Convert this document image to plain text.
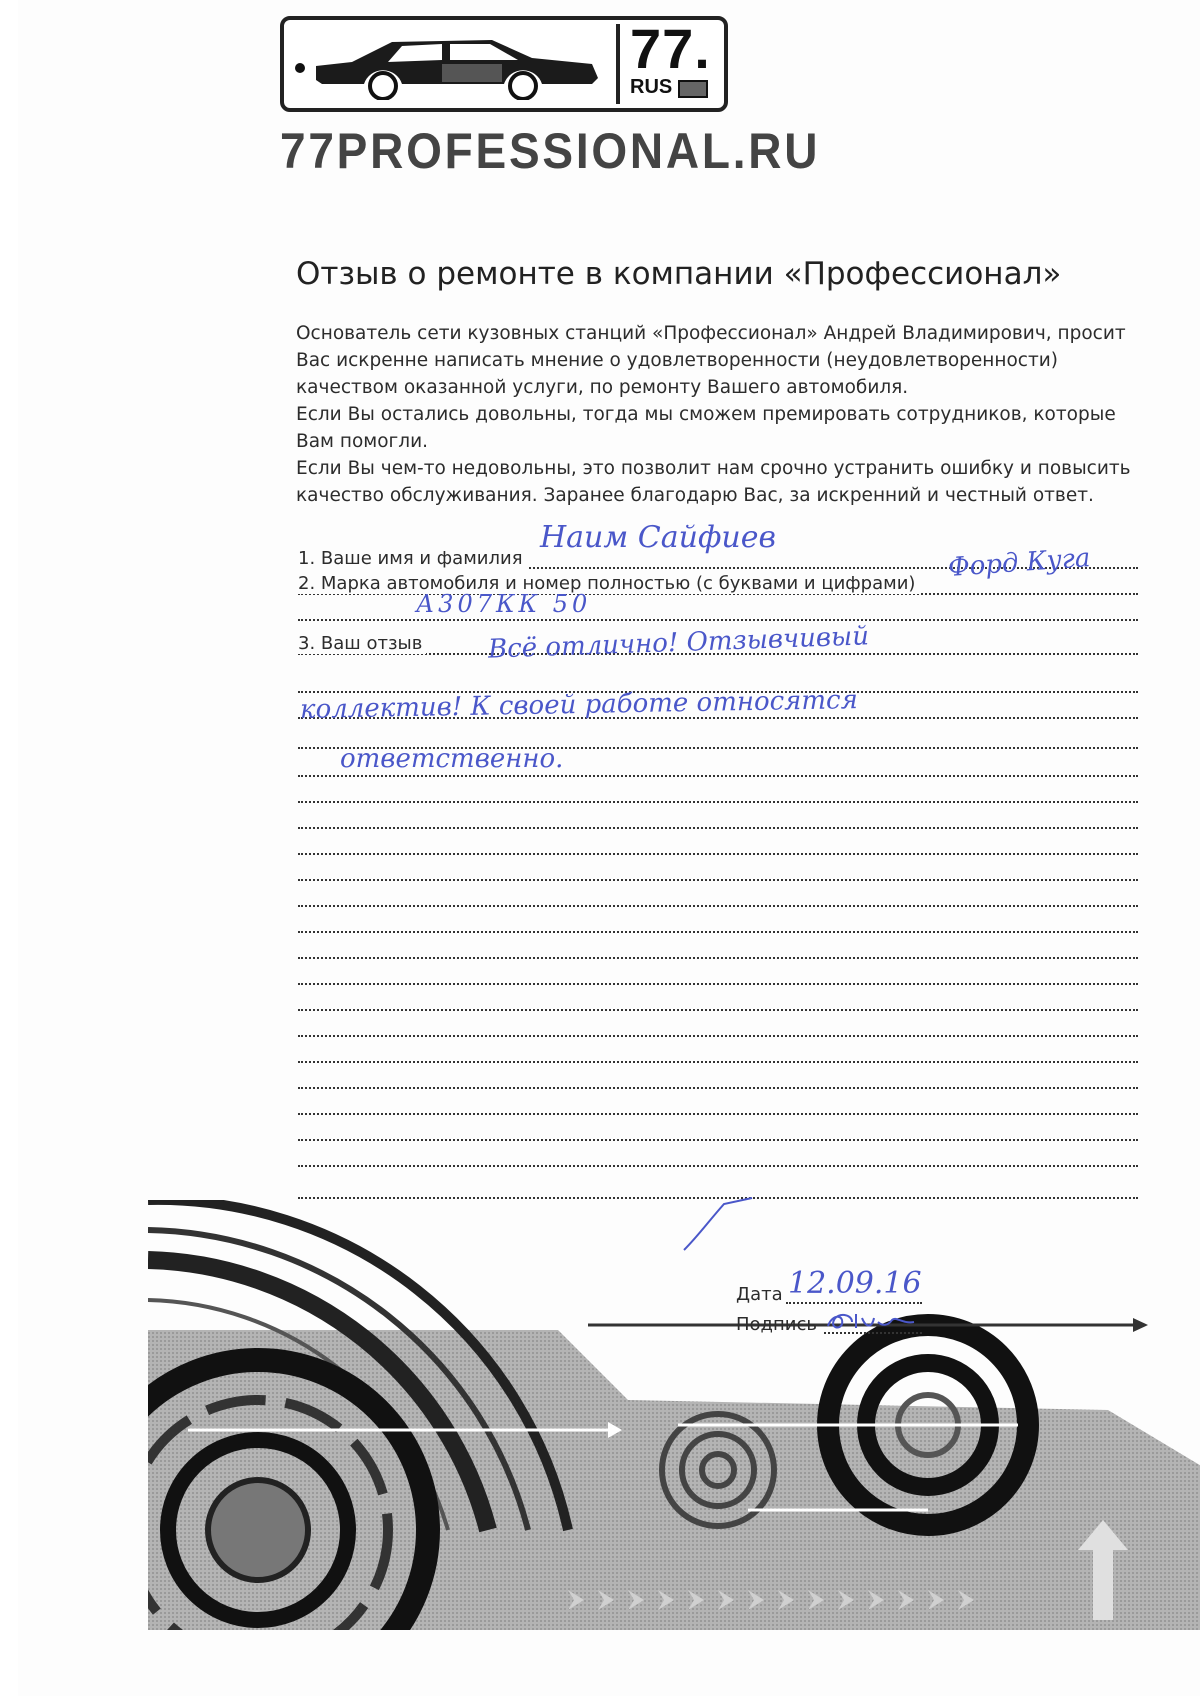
77.
RUS
77PROFESSIONAL.RU
Отзыв о ремонте в компании «Профессионал»

Основатель сети кузовных станций «Профессионал» Андрей Владимирович, просит

Вас искренне написать мнение о удовлетворенности (неудовлетворенности)

качеством оказанной услуги, по ремонту Вашего автомобиля.

Если Вы остались довольны, тогда мы сможем премировать сотрудников, которые

Вам помогли.

Если Вы чем-то недовольны, это позволит нам срочно устранить ошибку и повысить

качество обслуживания. Заранее благодарю Вас, за искренний и честный ответ.

1. Ваше имя и фамилия
Наим Сайфиев
2. Марка автомобиля и номер полностью (с буквами и цифрами)
Форд Куга
А307КК 50
3. Ваш отзыв	Всё отлично! Отзывчивый
коллектив! К своей работе относятся
ответственно.
Дата 12.09.16
Подпись
